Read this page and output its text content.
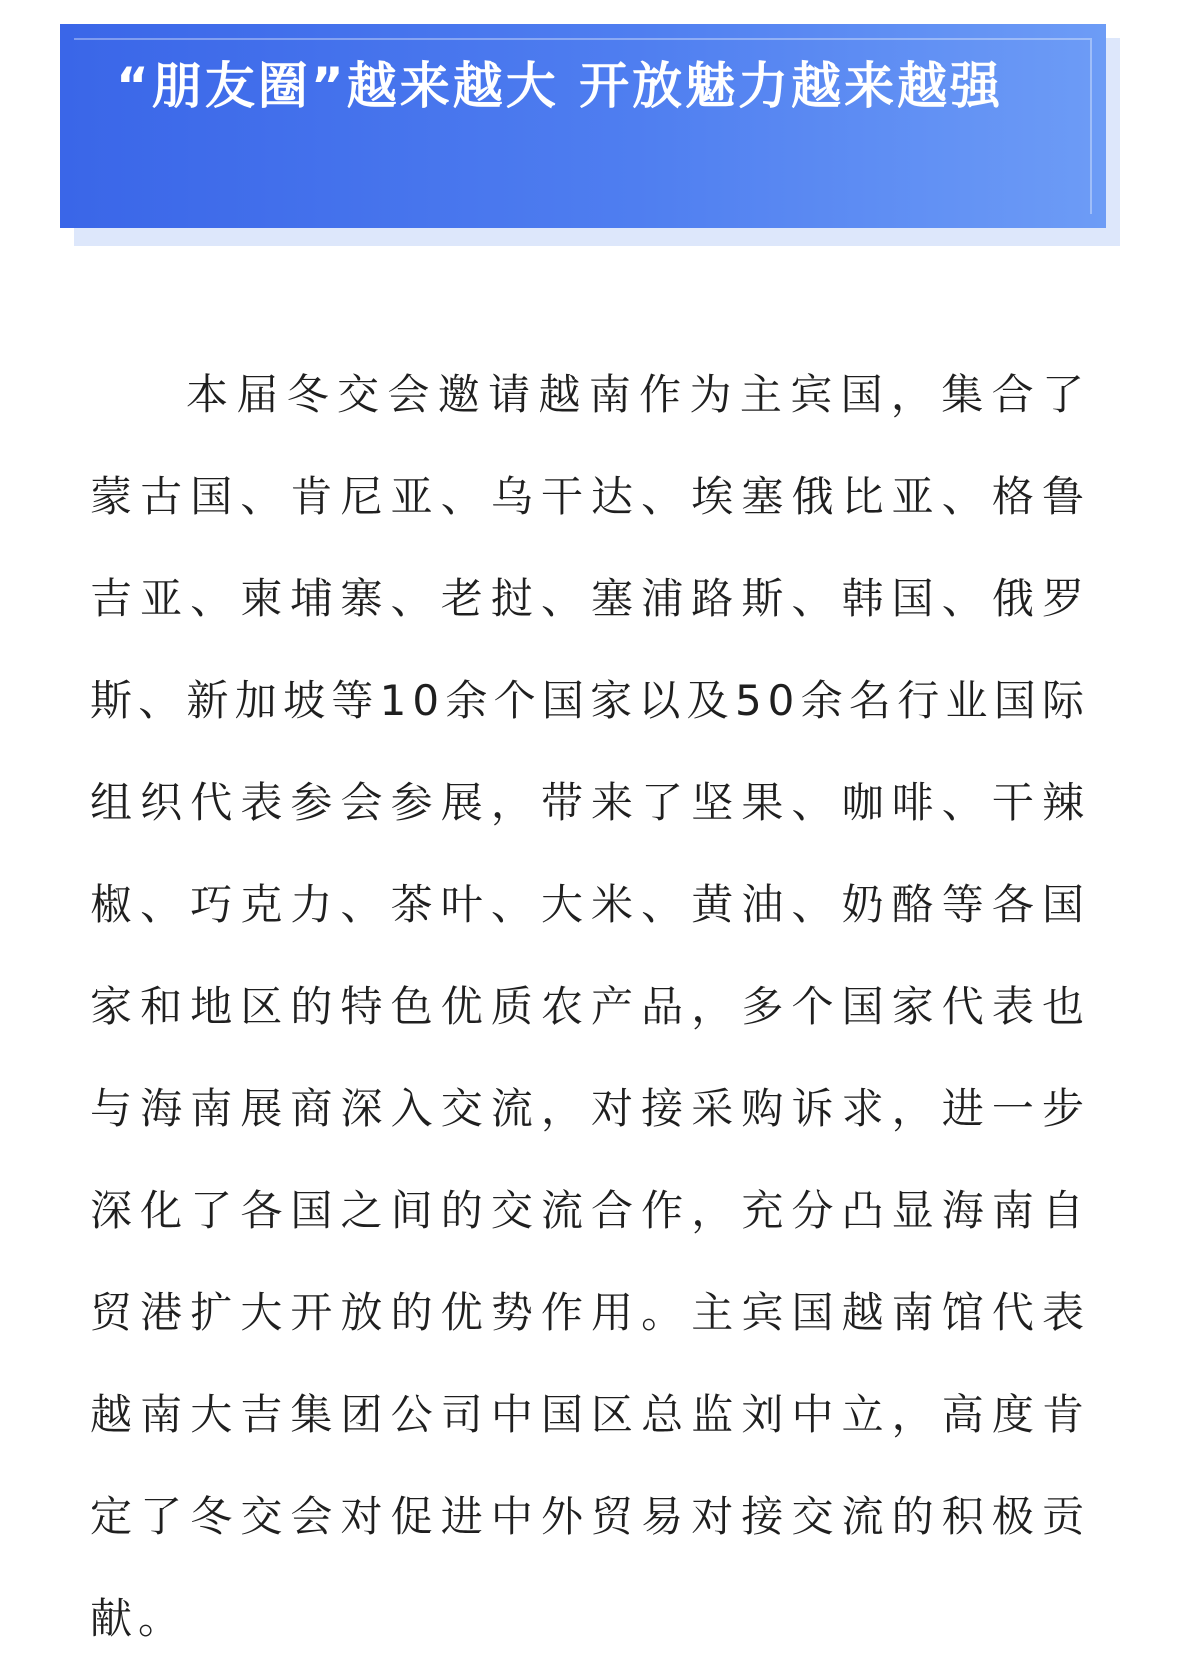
“朋友圈”越来越大 开放魅力越来越强

本届冬交会邀请越南作为主宾国，集合了蒙古国、肯尼亚、乌干达、埃塞俄比亚、格鲁吉亚、柬埔寨、老挝、塞浦路斯、韩国、俄罗斯、新加坡等10余个国家以及50余名行业国际组织代表参会参展，带来了坚果、咖啡、干辣椒、巧克力、茶叶、大米、黄油、奶酪等各国家和地区的特色优质农产品，多个国家代表也与海南展商深入交流，对接采购诉求，进一步深化了各国之间的交流合作，充分凸显海南自贸港扩大开放的优势作用。主宾国越南馆代表越南大吉集团公司中国区总监刘中立，高度肯定了冬交会对促进中外贸易对接交流的积极贡献。
